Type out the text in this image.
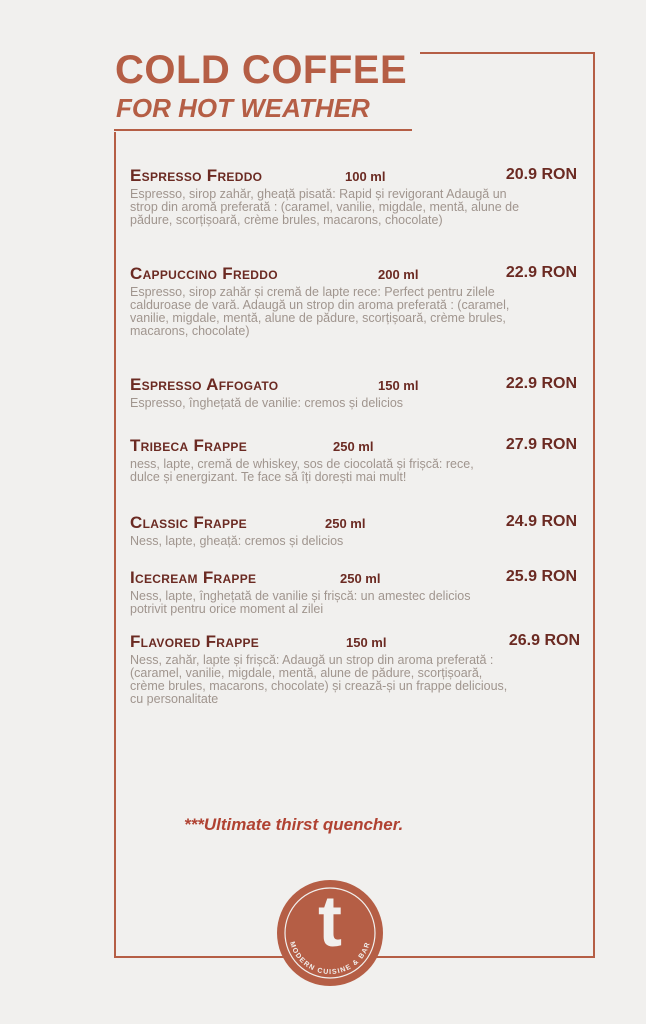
COLD COFFEE
FOR HOT WEATHER
Espresso Freddo	100 ml	20.9 RON
Espresso, sirop zahăr, gheață pisată: Rapid și revigorant Adaugă un strop din aromă preferată : (caramel, vanilie, migdale, mentă, alune de pădure, scorțișoară, crème brules, macarons, chocolate)
Cappuccino Freddo	200 ml	22.9 RON
Espresso, sirop zahăr și cremă de lapte rece: Perfect pentru zilele calduroase de vară. Adaugă un strop din aroma preferată : (caramel, vanilie, migdale, mentă, alune de pădure, scorțișoară, crème brules, macarons, chocolate)
Espresso Affogato	150 ml	22.9 RON
Espresso, înghețată de vanilie: cremos și delicios
Tribeca Frappe	250 ml	27.9 RON
ness, lapte, cremă de whiskey, sos de ciocolată și frișcă: rece, dulce și energizant. Te face să îți dorești mai mult!
Classic Frappe	250 ml	24.9 RON
Ness, lapte, gheață: cremos și delicios
Icecream Frappe	250 ml	25.9 RON
Ness, lapte, înghețată de vanilie și frișcă: un amestec delicios potrivit pentru orice moment al zilei
Flavored Frappe	150 ml	26.9 RON
Ness, zahăr, lapte și frișcă: Adaugă un strop din aroma preferată : (caramel, vanilie, migdale, mentă, alune de pădure, scorțișoară, crème brules, macarons, chocolate) și crează-și un frappe delicious, cu personalitate
***Ultimate thirst quencher.
MODERN CUISINE & BAR
t
